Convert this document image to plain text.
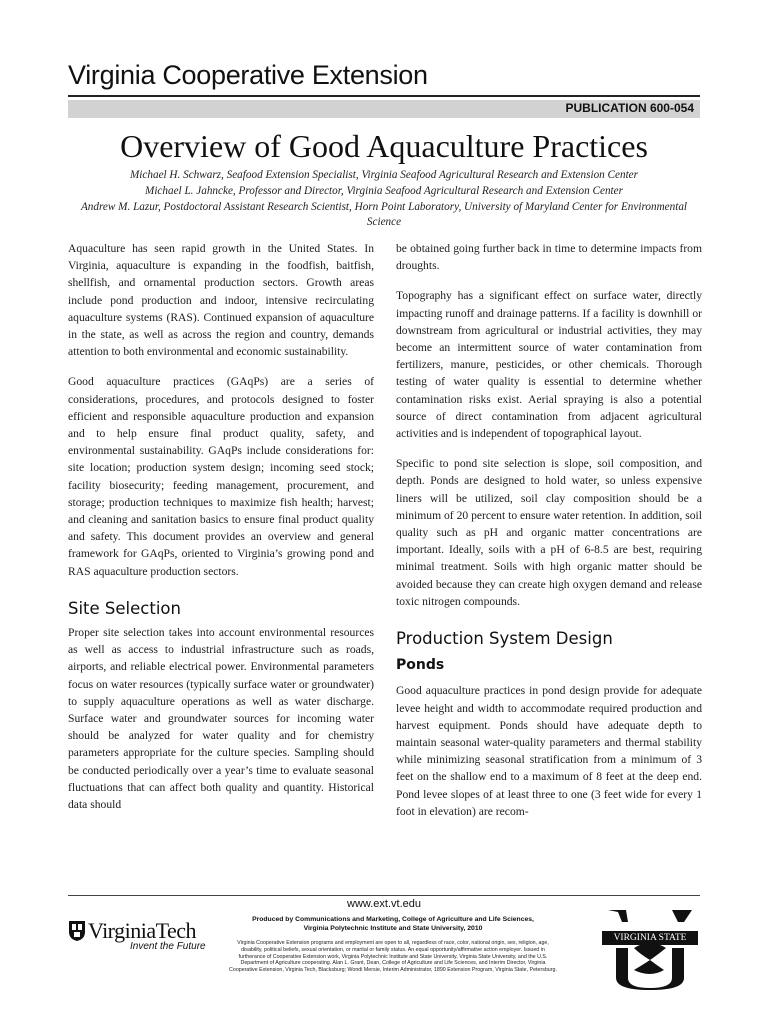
Virginia Cooperative Extension
PUBLICATION 600-054
Overview of Good Aquaculture Practices
Michael H. Schwarz, Seafood Extension Specialist, Virginia Seafood Agricultural Research and Extension Center
Michael L. Jahncke, Professor and Director, Virginia Seafood Agricultural Research and Extension Center
Andrew M. Lazur, Postdoctoral Assistant Research Scientist, Horn Point Laboratory, University of Maryland Center for Environmental Science

Aquaculture has seen rapid growth in the United States. In Virginia, aquaculture is expanding in the foodfish, baitfish, shellfish, and ornamental production sectors. Growth areas include pond production and indoor, intensive recirculating aquaculture systems (RAS). Continued expansion of aquaculture in the state, as well as across the region and country, demands attention to both environmental and economic sustainability.

Good aquaculture practices (GAqPs) are a series of considerations, procedures, and protocols designed to foster efficient and responsible aquaculture production and expansion and to help ensure final product quality, safety, and environmental sustainability. GAqPs include considerations for: site location; production system design; incoming seed stock; facility biosecurity; feeding management, procurement, and storage; production techniques to maximize fish health; harvest; and cleaning and sanitation basics to ensure final product quality and safety. This document provides an overview and general framework for GAqPs, oriented to Virginia’s growing pond and RAS aquaculture production sectors.

Site Selection

Proper site selection takes into account environmental resources as well as access to industrial infrastructure such as roads, airports, and reliable electrical power. Environmental parameters focus on water resources (typically surface water or groundwater) to supply aquaculture operations as well as water discharge. Surface water and groundwater sources for incoming water should be analyzed for water quality and for chemistry parameters appropriate for the culture species. Sampling should be conducted periodically over a year’s time to evaluate seasonal fluctuations that can affect both quality and quantity. Historical data should

be obtained going further back in time to determine impacts from droughts.

Topography has a significant effect on surface water, directly impacting runoff and drainage patterns. If a facility is downhill or downstream from agricultural or industrial activities, they may become an intermittent source of water contamination from fertilizers, manure, pesticides, or other chemicals. Thorough testing of water quality is essential to determine whether contamination risks exist. Aerial spraying is also a potential source of direct contamination from adjacent agricultural activities and is independent of topographical layout.

Specific to pond site selection is slope, soil composition, and depth. Ponds are designed to hold water, so unless expensive liners will be utilized, soil clay composition should be a minimum of 20 percent to ensure water retention. In addition, soil quality such as pH and organic matter concentrations are important. Ideally, soils with a pH of 6-8.5 are best, requiring minimal treatment. Soils with high organic matter should be avoided because they can create high oxygen demand and release toxic nitrogen compounds.

Production System Design
Ponds

Good aquaculture practices in pond design provide for adequate levee height and width to accommodate required production and harvest equipment. Ponds should have adequate depth to maintain seasonal water-quality parameters and thermal stability while minimizing seasonal stratification from a minimum of 3 feet on the shallow end to a maximum of 8 feet at the deep end. Pond levee slopes of at least three to one (3 feet wide for every 1 foot in elevation) are recom-

www.ext.vt.edu
VirginiaTech
Invent the Future
Produced by Communications and Marketing, College of Agriculture and Life Sciences,
Virginia Polytechnic Institute and State University, 2010
Virginia Cooperative Extension programs and employment are open to all, regardless of race, color, national origin, sex, religion, age, disability, political beliefs, sexual orientation, or marital or family status. An equal opportunity/affirmative action employer. Issued in furtherance of Cooperative Extension work, Virginia Polytechnic Institute and State University, Virginia State University, and the U.S. Department of Agriculture cooperating. Alan L. Grant, Dean, College of Agriculture and Life Sciences, and Interim Director, Virginia Cooperative Extension, Virginia Tech, Blacksburg; Wondi Mersie, Interim Administrator, 1890 Extension Program, Virginia State, Petersburg.
VIRGINIA STATE
